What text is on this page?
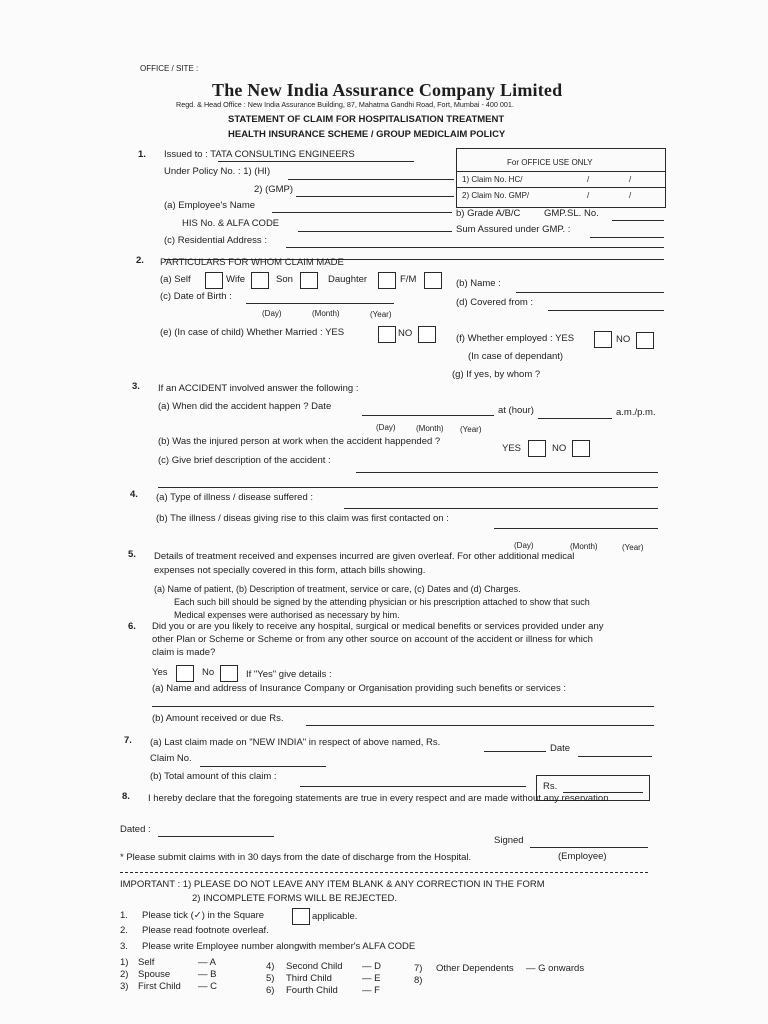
OFFICE / SITE :
The New India Assurance Company Limited
Regd. & Head Office : New India Assurance Building, 87, Mahatma Gandhi Road, Fort, Mumbai - 400 001.
STATEMENT OF CLAIM FOR HOSPITALISATION TREATMENT
HEALTH INSURANCE SCHEME / GROUP MEDICLAIM POLICY
1. Issued to : TATA CONSULTING ENGINEERS
Under Policy No. : 1) (HI)
2) (GMP)
For OFFICE USE ONLY
1) Claim No. HC/	/	/
2) Claim No. GMP/	/	/
(a) Employee's Name
b) Grade A/B/C GMP.SL. No.
HIS No. & ALFA CODE
Sum Assured under GMP. :
(c) Residential Address :
2. PARTICULARS FOR WHOM CLAIM MADE
(a) Self	Wife	Son	Daughter	F/M	(b) Name :
(c) Date of Birth :
(Day)	(Month)	(Year)
(d) Covered from :
(e) (In case of child) Whether Married : YES	NO	(f) Whether employed : YES	NO
(In case of dependant)
(g) If yes, by whom ?
3. If an ACCIDENT involved answer the following :
(a) When did the accident happen ? Date	at (hour)	a.m./p.m.
(Day)	(Month) (Year)
(b) Was the injured person at work when the accident happended ?
YES	NO
(c) Give brief description of the accident :
4. (a) Type of illness / disease suffered :
(b) The illness / diseas giving rise to this claim was first contacted on :
(Day)	(Month)	(Year)
5. Details of treatment received and expenses incurred are given overleaf. For other additional medical
expenses not specially covered in this form, attach bills showing.
(a) Name of patient, (b) Description of treatment, service or care, (c) Dates and (d) Charges.
Each such bill should be signed by the attending physician or his prescription attached to show that such
Medical expenses were authorised as necessary by him.
6. Did you or are you likely to receive any hospital, surgical or medical benefits or services provided under any
other Plan or Scheme or Scheme or from any other source on account of the accident or illness for which
claim is made?
Yes	No	If "Yes" give details :
(a) Name and address of Insurance Company or Organisation providing such benefits or services :
(b) Amount received or due Rs.
7. (a) Last claim made on "NEW INDIA" in respect of above named, Rs.
Date
Claim No.
(b) Total amount of this claim :
Rs.
8. I hereby declare that the foregoing statements are true in every respect and are made without any reservation
Dated :
Signed
(Employee)
* Please submit claims with in 30 days from the date of discharge from the Hospital.
IMPORTANT : 1) PLEASE DO NOT LEAVE ANY ITEM BLANK & ANY CORRECTION IN THE FORM
2) INCOMPLETE FORMS WILL BE REJECTED.
1. Please tick (✓) in the Square	applicable.
2. Please read footnote overleaf.
3. Please write Employee number alongwith member's ALFA CODE
1) Self	— A
2) Spouse	— B
3) First Child — C
4) Second Child — D
5) Third Child	— E
6) Fourth Child	— F
7) Other Dependents — G onwards
8)
